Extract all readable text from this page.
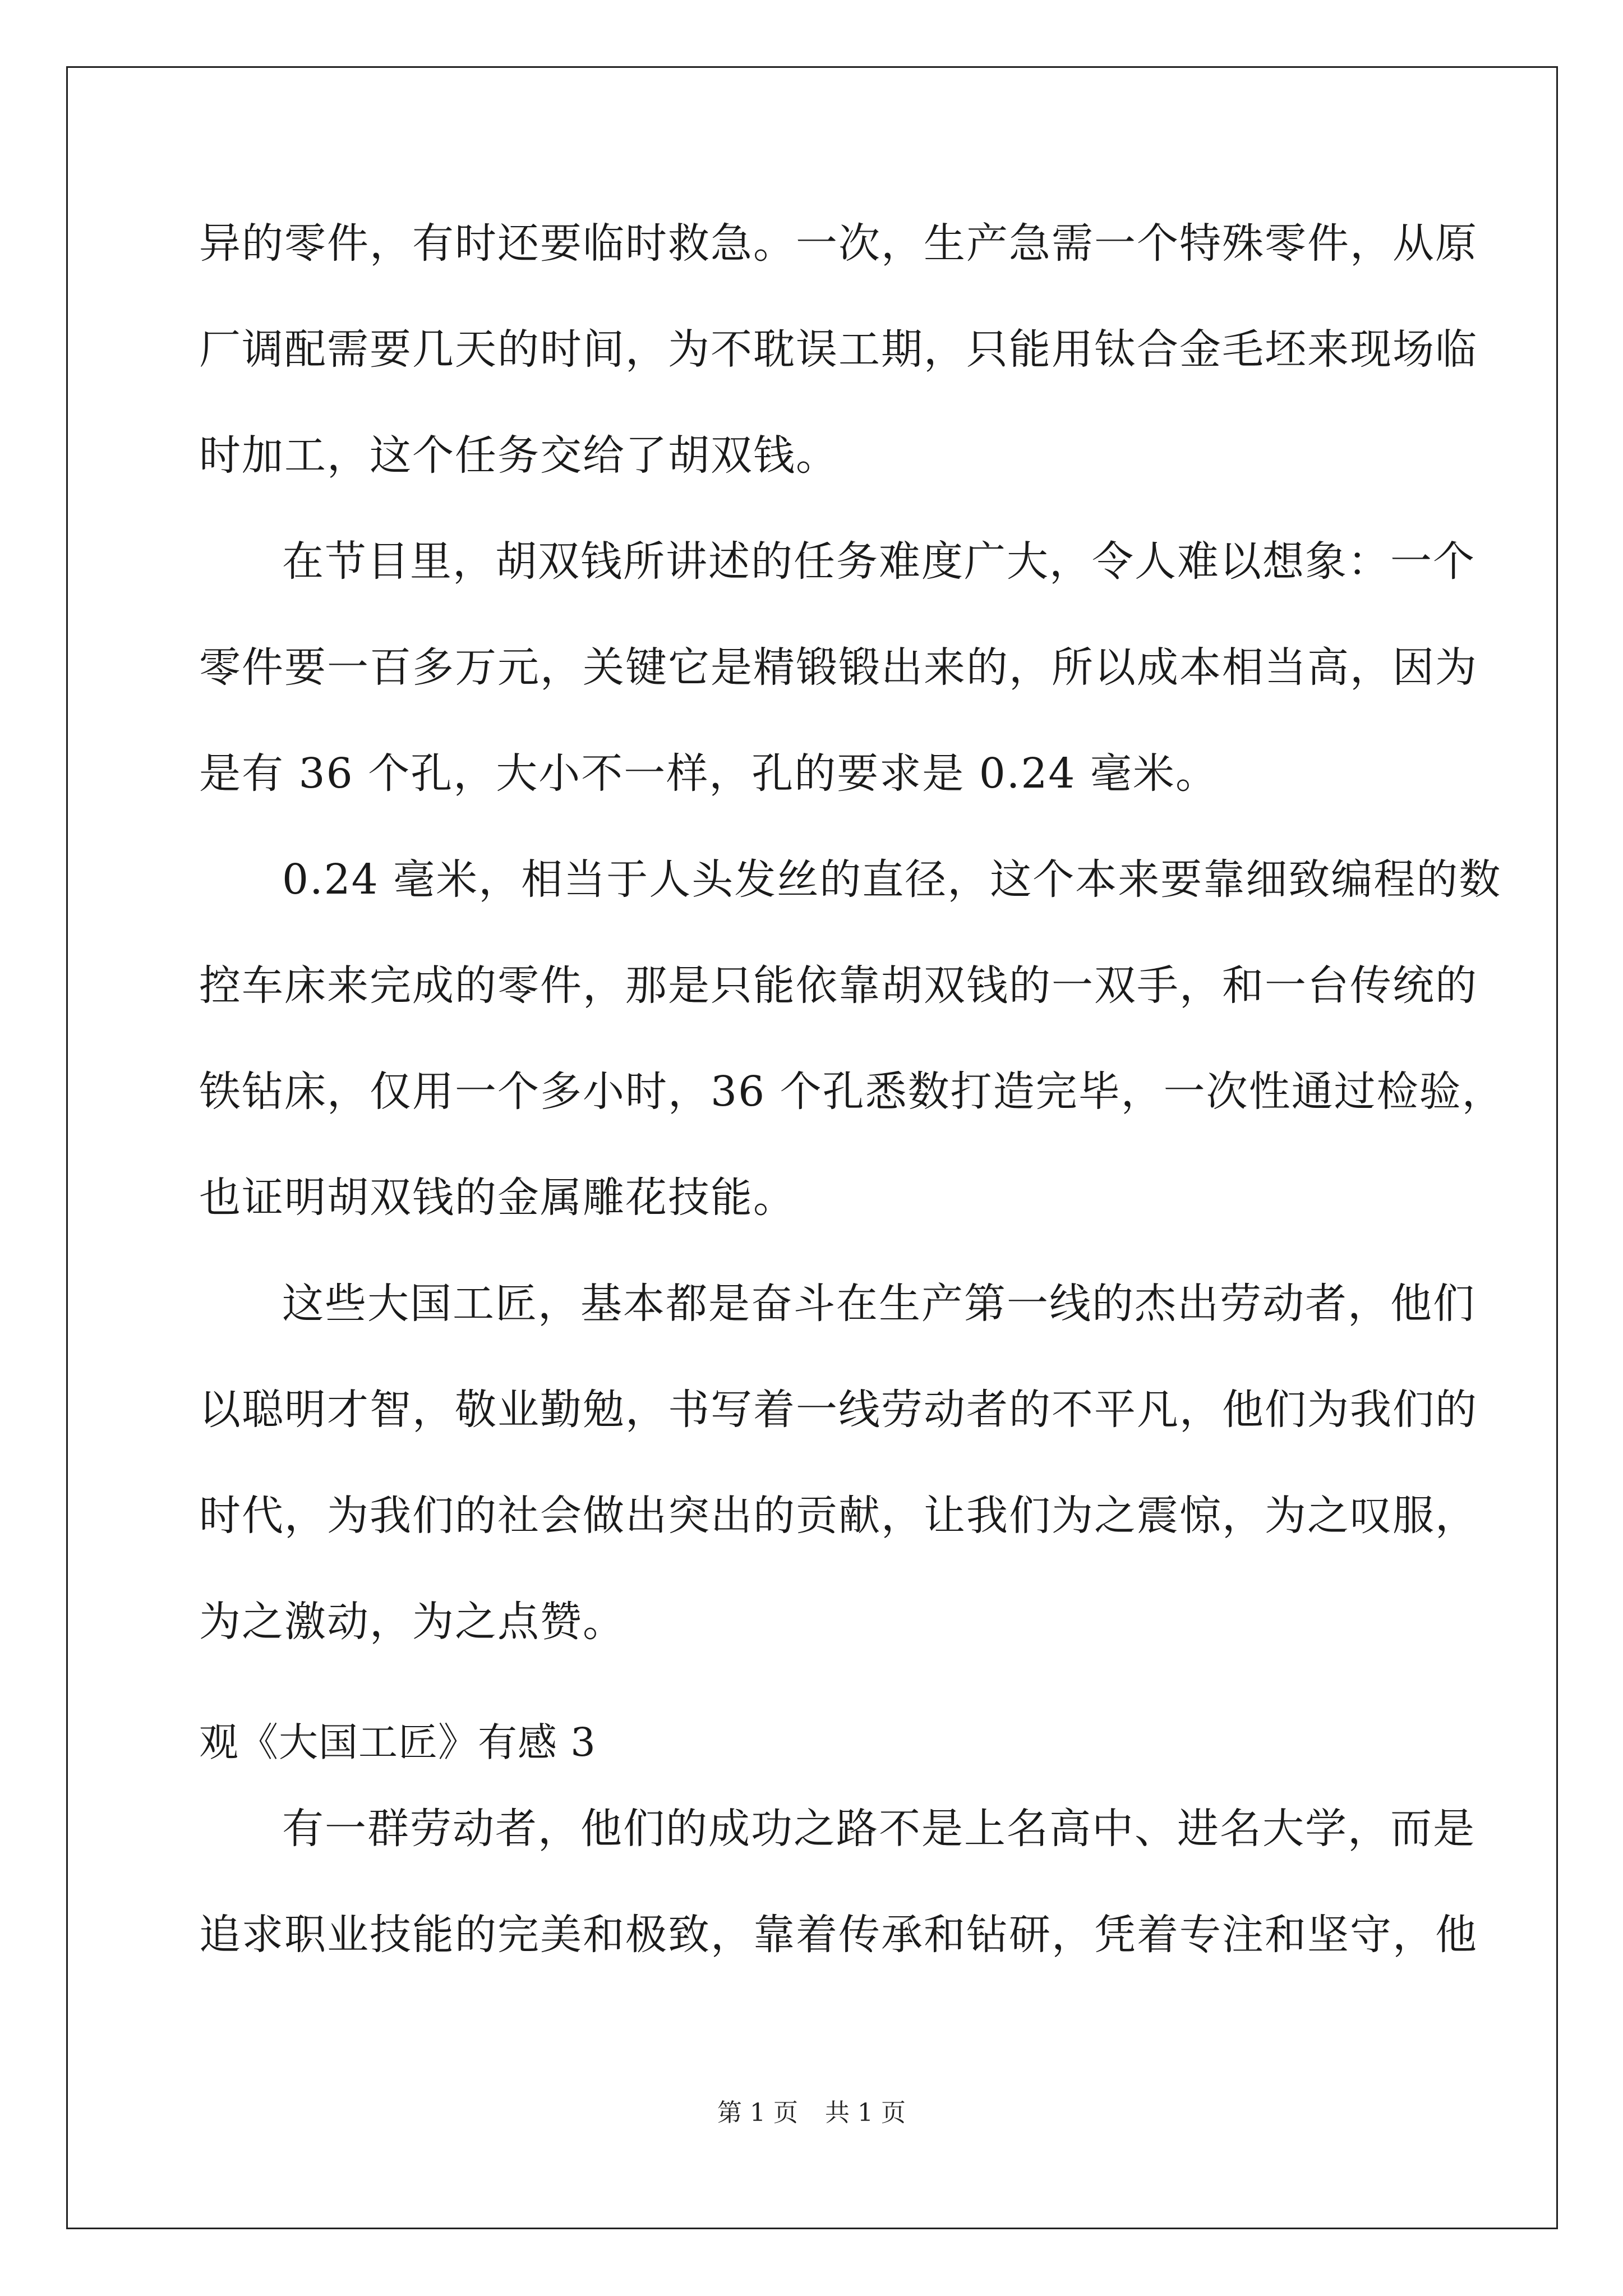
异的零件，有时还要临时救急。一次，生产急需一个特殊零件，从原
厂调配需要几天的时间，为不耽误工期，只能用钛合金毛坯来现场临
时加工，这个任务交给了胡双钱。
在节目里，胡双钱所讲述的任务难度广大，令人难以想象：一个
零件要一百多万元，关键它是精锻锻出来的，所以成本相当高，因为
是有 36 个孔，大小不一样，孔的要求是 0.24 毫米。
0.24 毫米，相当于人头发丝的直径，这个本来要靠细致编程的数
控车床来完成的零件，那是只能依靠胡双钱的一双手，和一台传统的
铁钻床，仅用一个多小时，36 个孔悉数打造完毕，一次性通过检验，
也证明胡双钱的金属雕花技能。
这些大国工匠，基本都是奋斗在生产第一线的杰出劳动者，他们
以聪明才智，敬业勤勉，书写着一线劳动者的不平凡，他们为我们的
时代，为我们的社会做出突出的贡献，让我们为之震惊，为之叹服，
为之激动，为之点赞。
观《大国工匠》有感 3
有一群劳动者，他们的成功之路不是上名高中、进名大学，而是
追求职业技能的完美和极致，靠着传承和钻研，凭着专注和坚守，他
第 1 页 共 1 页
